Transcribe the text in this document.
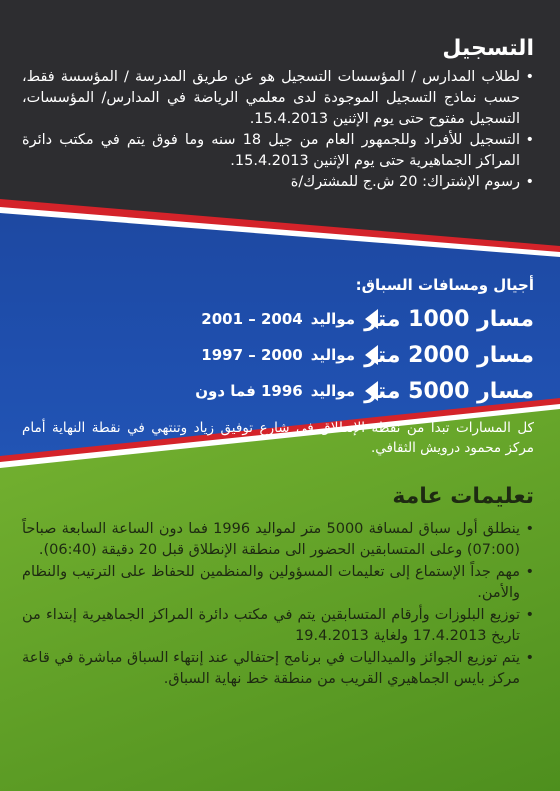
التسجيل
• لطلاب المدارس / المؤسسات التسجيل هو عن طريق المدرسة / المؤسسة فقط، حسب نماذج التسجيل الموجودة لدى معلمي الرياضة في المدارس/ المؤسسات، التسجيل مفتوح حتى يوم الإثنين 15.4.2013.
• التسجيل للأفراد وللجمهور العام من جيل 18 سنه وما فوق يتم في مكتب دائرة المراكز الجماهيرية حتى يوم الإثنين 15.4.2013.
• رسوم الإشتراك: 20 ش.ج للمشترك/ة
أجيال ومسافات السباق:
مسار 1000 متر
مواليد
2004 – 2001
مسار 2000 متر
مواليد
2000 – 1997
مسار 5000 متر
مواليد
1996 فما دون
كل المسارات تبدأ من نقطة الإنطلاق في شارع توفيق زياد وتنتهي في نقطة النهاية أمام مركز محمود درويش الثقافي.
تعليمات عامة
• ينطلق أول سباق لمسافة 5000 متر لمواليد 1996 فما دون الساعة السابعة صباحاً (07:00) وعلى المتسابقين الحضور الى منطقة الإنطلاق قبل 20 دقيقة (06:40).
• مهم جداً الإستماع إلى تعليمات المسؤولين والمنظمين للحفاظ على الترتيب والنظام والأمن.
• توزيع البلوزات وأرقام المتسابقين يتم في مكتب دائرة المراكز الجماهيرية إبتداء من تاريخ 17.4.2013 ولغاية 19.4.2013
• يتم توزيع الجوائز والميداليات في برنامج إحتفالي عند إنتهاء السباق مباشرة في قاعة مركز بايس الجماهيري القريب من منطقة خط نهاية السباق.
